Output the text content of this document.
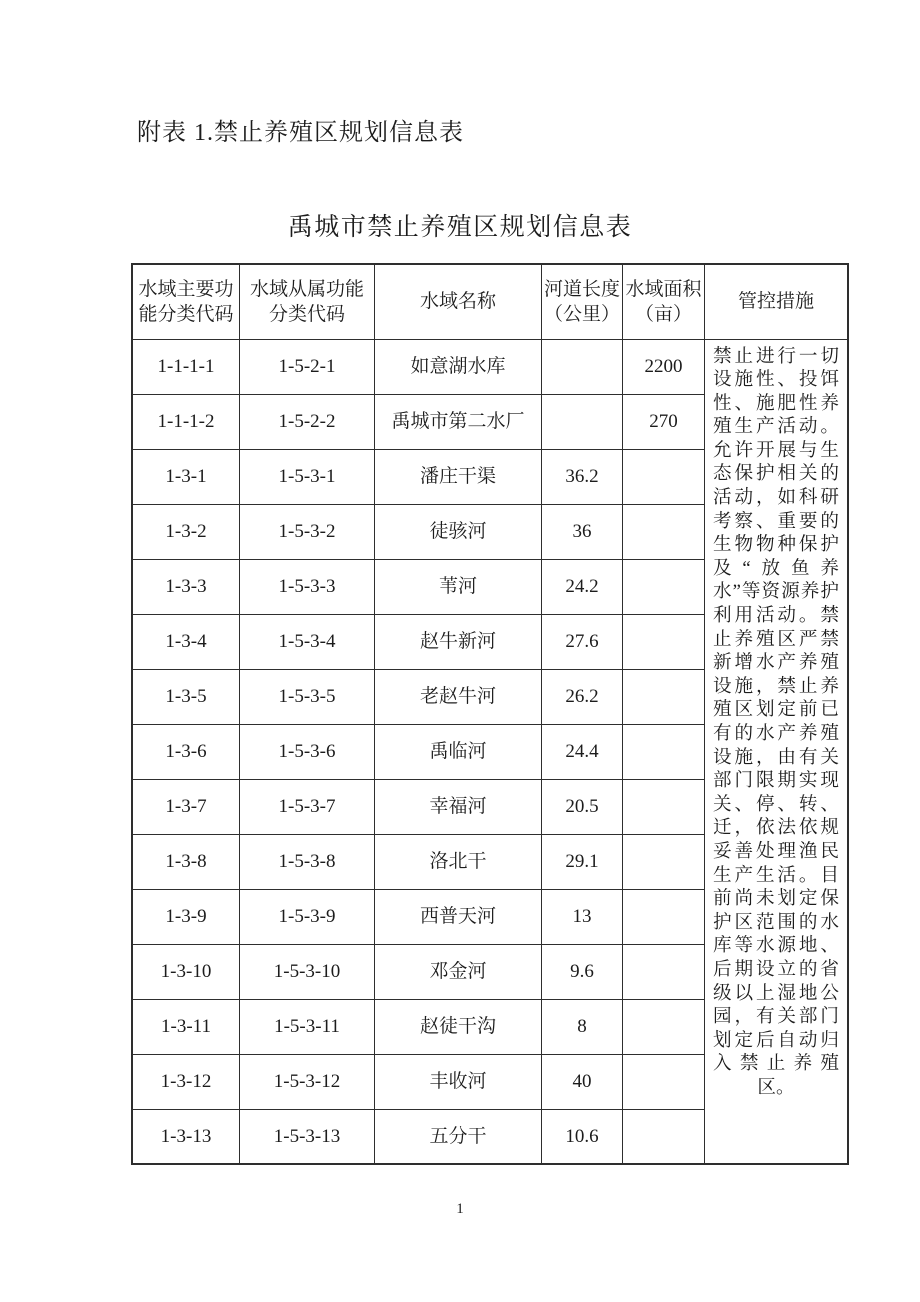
附表 1.禁止养殖区规划信息表
禹城市禁止养殖区规划信息表
水域主要功能分类代码	水域从属功能分类代码	水域名称	河道长度（公里）	水域面积（亩）	管控措施
1-1-1-1	1-5-2-1	如意湖水库		2200	禁止进行一切设施性、投饵性、施肥性养殖生产活动。允许开展与生态保护相关的活动，如科研考察、重要的生物物种保护及“放鱼养水”等资源养护利用活动。禁止养殖区严禁新增水产养殖设施，禁止养殖区划定前已有的水产养殖设施，由有关部门限期实现关、停、转、迁，依法依规妥善处理渔民生产生活。目前尚未划定保护区范围的水库等水源地、后期设立的省级以上湿地公园，有关部门划定后自动归入禁止养殖区。
1-1-1-2	1-5-2-2	禹城市第二水厂		270	
1-3-1	1-5-3-1	潘庄干渠	36.2		
1-3-2	1-5-3-2	徒骇河	36		
1-3-3	1-5-3-3	苇河	24.2		
1-3-4	1-5-3-4	赵牛新河	27.6		
1-3-5	1-5-3-5	老赵牛河	26.2		
1-3-6	1-5-3-6	禹临河	24.4		
1-3-7	1-5-3-7	幸福河	20.5		
1-3-8	1-5-3-8	洛北干	29.1		
1-3-9	1-5-3-9	西普天河	13		
1-3-10	1-5-3-10	邓金河	9.6		
1-3-11	1-5-3-11	赵徒干沟	8		
1-3-12	1-5-3-12	丰收河	40		
1-3-13	1-5-3-13	五分干	10.6		
1
